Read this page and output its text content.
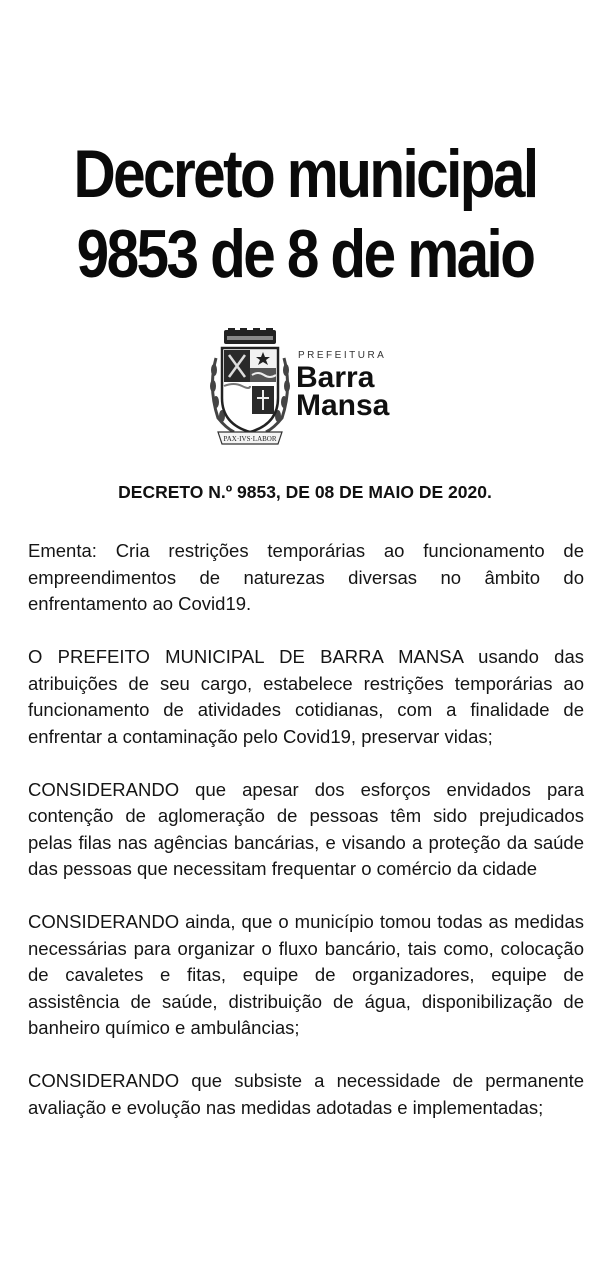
Decreto municipal
9853 de 8 de maio
PAX·IVS·LABOR
PREFEITURA
Barra
Mansa
DECRETO N.º 9853, DE 08 DE MAIO DE 2020.

Ementa: Cria restrições temporárias ao funcionamento de empreendimentos de naturezas diversas no âmbito do enfrentamento ao Covid19.

O PREFEITO MUNICIPAL DE BARRA MANSA usando das atribuições de seu cargo, estabelece restrições temporárias ao funcionamento de atividades cotidianas, com a finalidade de enfrentar a contaminação pelo Covid19, preservar vidas;

CONSIDERANDO que apesar dos esforços envidados para contenção de aglomeração de pessoas têm sido prejudicados pelas filas nas agências bancárias, e visando a proteção da saúde das pessoas que necessitam frequentar o comércio da cidade

CONSIDERANDO ainda, que o município tomou todas as medidas necessárias para organizar o fluxo bancário, tais como, colocação de cavaletes e fitas, equipe de organizadores, equipe de assistência de saúde, distribuição de água, disponibilização de banheiro químico e ambulâncias;

CONSIDERANDO que subsiste a necessidade de permanente avaliação e evolução nas medidas adotadas e implementadas;
